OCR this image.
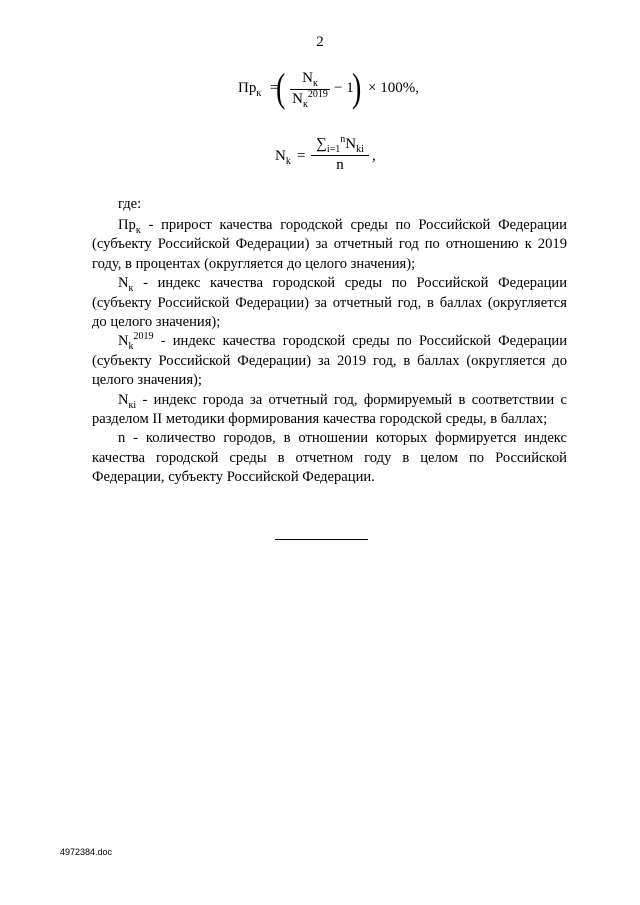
2
$Пр_к$ =
(	$N_к$
$N_к^{2019} - 1$
) × 100%,
$N_k$ =
$\sum_{i=1}^nN_{ki}$
n
,
где:

$Пр_к$ - прирост качества городской среды по Российской Федерации (субъекту Российской Федерации) за отчетный год по отношению к 2019 году, в процентах (округляется до целого значения);

$N_к$ - индекс качества городской среды по Российской Федерации (субъекту Российской Федерации) за отчетный год, в баллах (округляется до целого значения);

$N_k^{2019}$ - индекс качества городской среды по Российской Федерации (субъекту Российской Федерации) за 2019 год, в баллах (округляется до целого значения);

$N_{кi}$ - индекс города за отчетный год, формируемый в соответствии с разделом II методики формирования качества городской среды, в баллах;

n - количество городов, в отношении которых формируется индекс качества городской среды в отчетном году в целом по Российской Федерации, субъекту Российской Федерации.

4972384.doc
